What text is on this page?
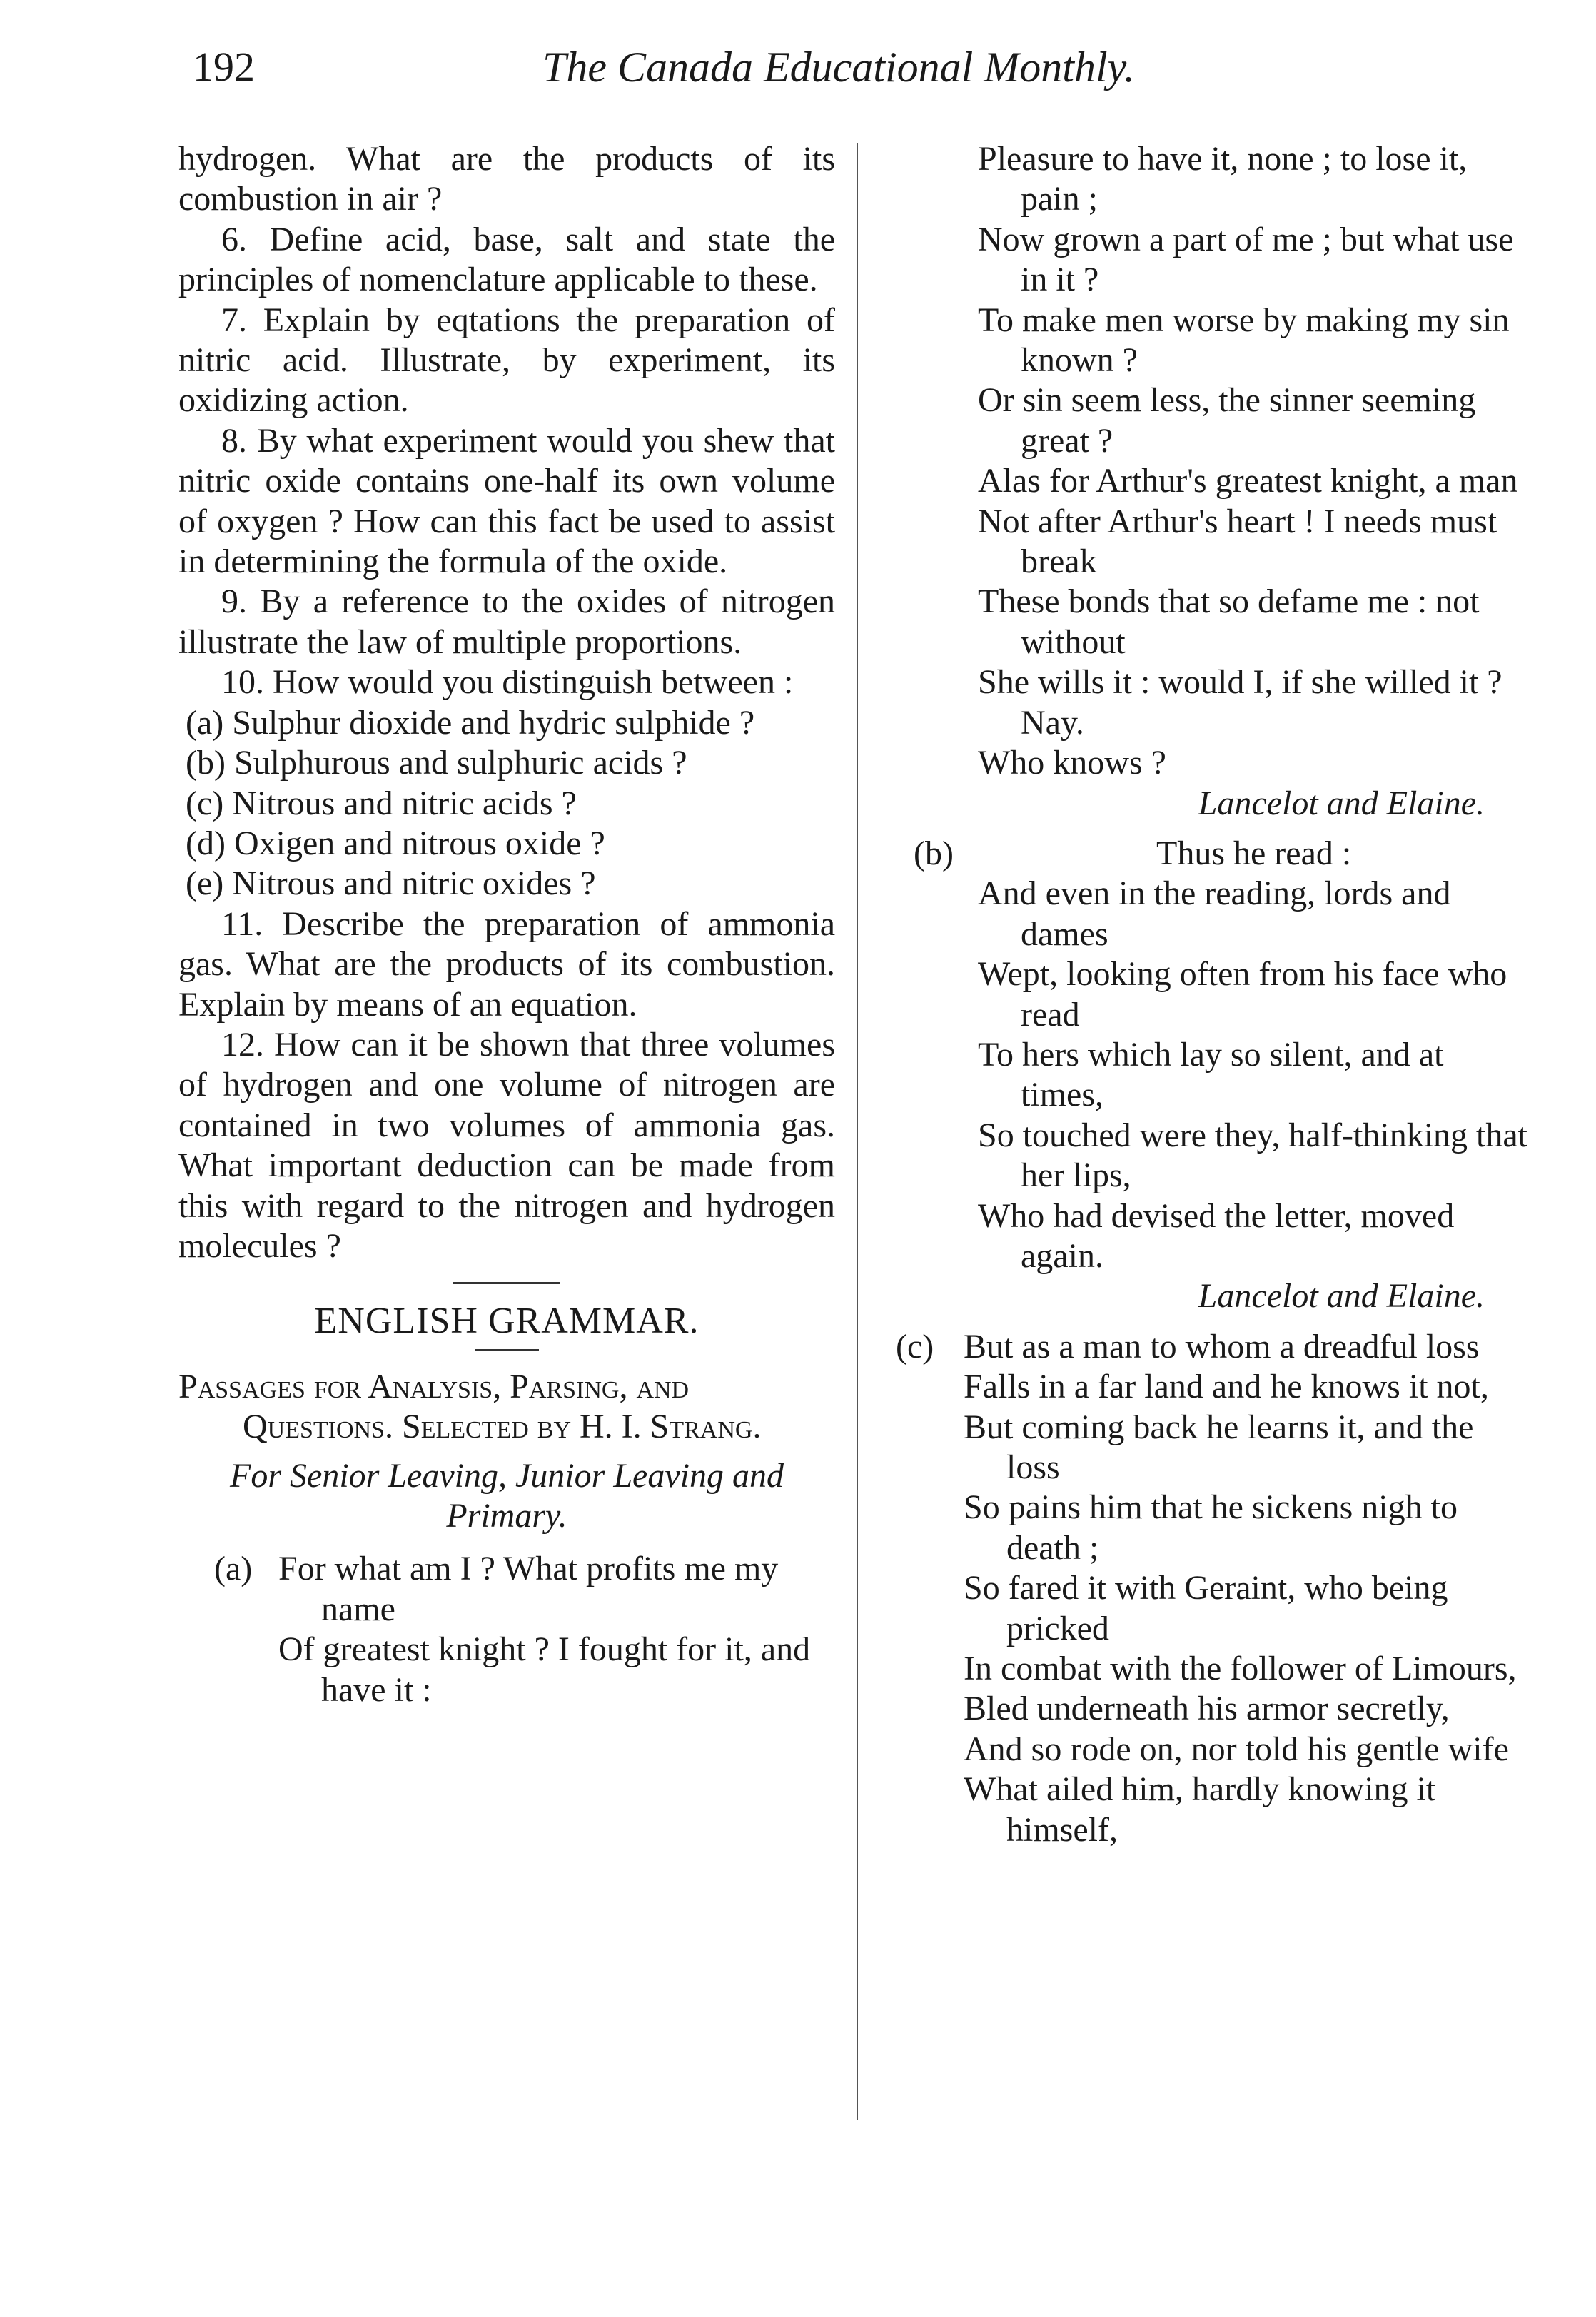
192	The Canada Educational Monthly.

hydrogen. What are the products of its combustion in air ?

6. Define acid, base, salt and state the principles of nomenclature applicable to these.

7. Explain by eqtations the preparation of nitric acid. Illustrate, by experiment, its oxidizing action.

8. By what experiment would you shew that nitric oxide contains one-half its own volume of oxygen ? How can this fact be used to assist in determining the formula of the oxide.

9. By a reference to the oxides of nitrogen illustrate the law of multiple proportions.

10. How would you distinguish between :

(a) Sulphur dioxide and hydric sulphide ?

(b) Sulphurous and sulphuric acids ?

(c) Nitrous and nitric acids ?

(d) Oxigen and nitrous oxide ?

(e) Nitrous and nitric oxides ?

11. Describe the preparation of ammonia gas. What are the products of its combustion. Explain by means of an equation.

12. How can it be shown that three volumes of hydrogen and one volume of nitrogen are contained in two volumes of ammonia gas. What important deduction can be made from this with regard to the nitrogen and hydrogen molecules ?

ENGLISH GRAMMAR.

Passages for Analysis, Parsing, and Questions. Selected by H. I. Strang.

For Senior Leaving, Junior Leaving and Primary.

(a) For what am I ? What profits me my name

Of greatest knight ? I fought for it, and have it :

Pleasure to have it, none ; to lose it, pain ;

Now grown a part of me ; but what use in it ?

To make men worse by making my sin known ?

Or sin seem less, the sinner seeming great ?

Alas for Arthur's greatest knight, a man

Not after Arthur's heart ! I needs must break

These bonds that so defame me : not without

She wills it : would I, if she willed it ? Nay.

Who knows ?

Lancelot and Elaine.

(b)	Thus he read :

And even in the reading, lords and dames

Wept, looking often from his face who read

To hers which lay so silent, and at times,

So touched were they, half-thinking that her lips,

Who had devised the letter, moved again.

Lancelot and Elaine.

(c) But as a man to whom a dreadful loss

Falls in a far land and he knows it not,

But coming back he learns it, and the loss

So pains him that he sickens nigh to death ;

So fared it with Geraint, who being pricked

In combat with the follower of Limours,

Bled underneath his armor secretly,

And so rode on, nor told his gentle wife

What ailed him, hardly knowing it himself,
